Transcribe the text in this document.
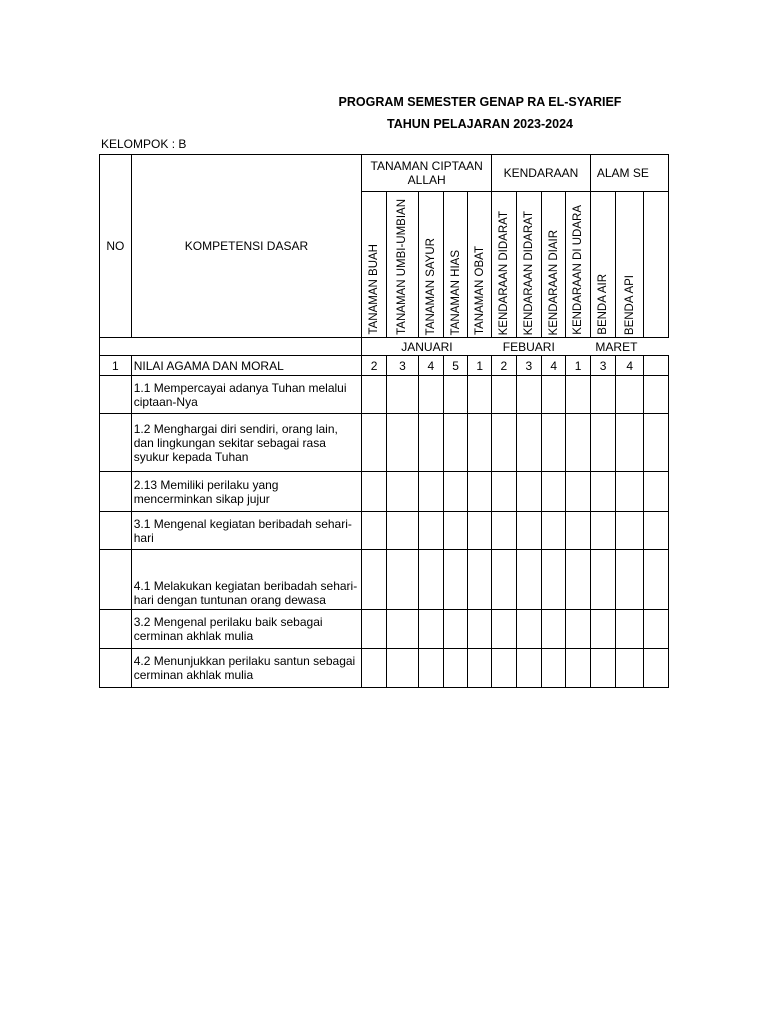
PROGRAM SEMESTER GENAP RA EL-SYARIEF
TAHUN PELAJARAN 2023-2024
KELOMPOK : B
NO	KOMPETENSI DASAR	TANAMAN CIPTAAN ALLAH					KENDARAAN				ALAM SE		

		TANAMAN BUAH	TANAMAN UMBI-UMBIAN	TANAMAN SAYUR	TANAMAN HIAS	TANAMAN OBAT	KENDARAAN DIDARAT	KENDARAAN DIDARAT	KENDARAAN DIAIR	KENDARAAN DI UDARA	BENDA AIR	BENDA API	

		JANUARI					FEBUARI			MARET			
1	NILAI AGAMA DAN MORAL	2	3	4	5	1	2	3	4	1	3	4	
	1.1 Mempercayai adanya Tuhan melalui ciptaan-Nya												
	1.2 Menghargai diri sendiri, orang lain, dan lingkungan sekitar sebagai rasa syukur kepada Tuhan												
	2.13 Memiliki perilaku yang mencerminkan sikap jujur												
	3.1 Mengenal kegiatan beribadah sehari-hari												
	4.1 Melakukan kegiatan beribadah sehari-hari dengan tuntunan orang dewasa												
	3.2 Mengenal perilaku baik sebagai cerminan akhlak mulia												
	4.2 Menunjukkan perilaku santun sebagai cerminan akhlak mulia												
